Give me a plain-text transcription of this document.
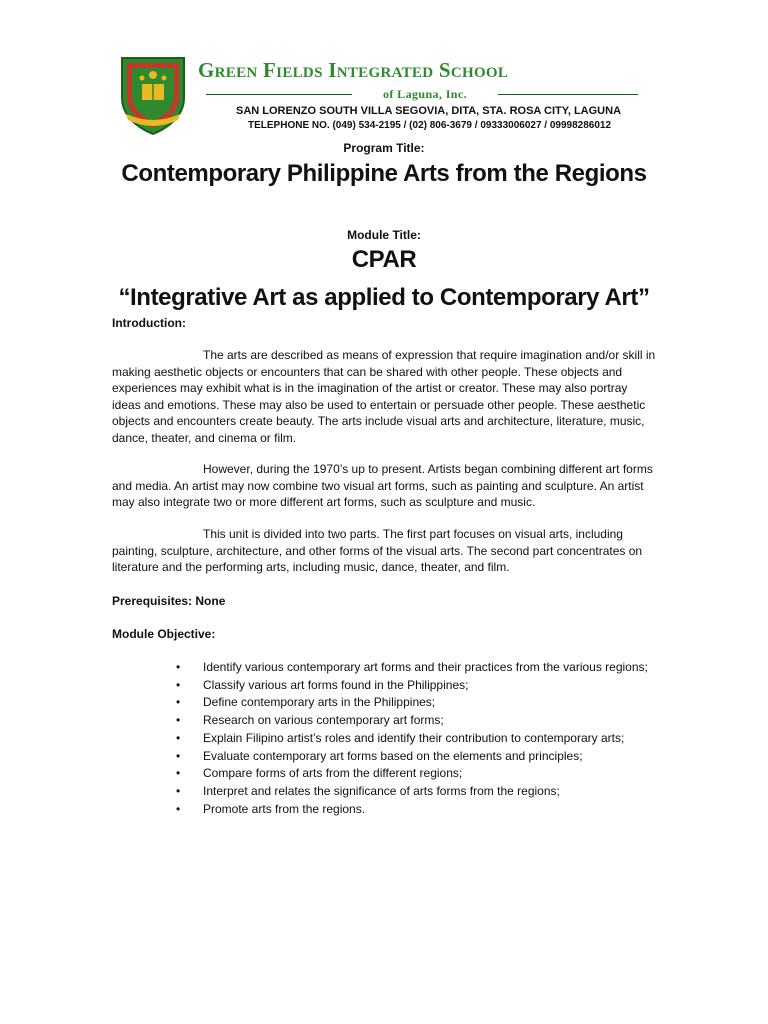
Green Fields Integrated School
of Laguna, Inc.
SAN LORENZO SOUTH VILLA SEGOVIA, DITA, STA. ROSA CITY, LAGUNA
TELEPHONE NO. (049) 534-2195 / (02) 806-3679 / 09333006027 / 09998286012
Program Title:
Contemporary Philippine Arts from the Regions
Module Title:
CPAR
“Integrative Art as applied to Contemporary Art”
Introduction:

The arts are described as means of expression that require imagination and/or skill in making aesthetic objects or encounters that can be shared with other people. These objects and experiences may exhibit what is in the imagination of the artist or creator. These may also portray ideas and emotions. These may also be used to entertain or persuade other people. These aesthetic objects and encounters create beauty. The arts include visual arts and architecture, literature, music, dance, theater, and cinema or film.

However, during the 1970’s up to present. Artists began combining different art forms and media. An artist may now combine two visual art forms, such as painting and sculpture. An artist may also integrate two or more different art forms, such as sculpture and music.

This unit is divided into two parts. The first part focuses on visual arts, including painting, sculpture, architecture, and other forms of the visual arts. The second part concentrates on literature and the performing arts, including music, dance, theater, and film.

Prerequisites: None
Module Objective:
• Identify various contemporary art forms and their practices from the various regions;
• Classify various art forms found in the Philippines;
• Define contemporary arts in the Philippines;
• Research on various contemporary art forms;
• Explain Filipino artist’s roles and identify their contribution to contemporary arts;
• Evaluate contemporary art forms based on the elements and principles;
• Compare forms of arts from the different regions;
• Interpret and relates the significance of arts forms from the regions;
• Promote arts from the regions.
